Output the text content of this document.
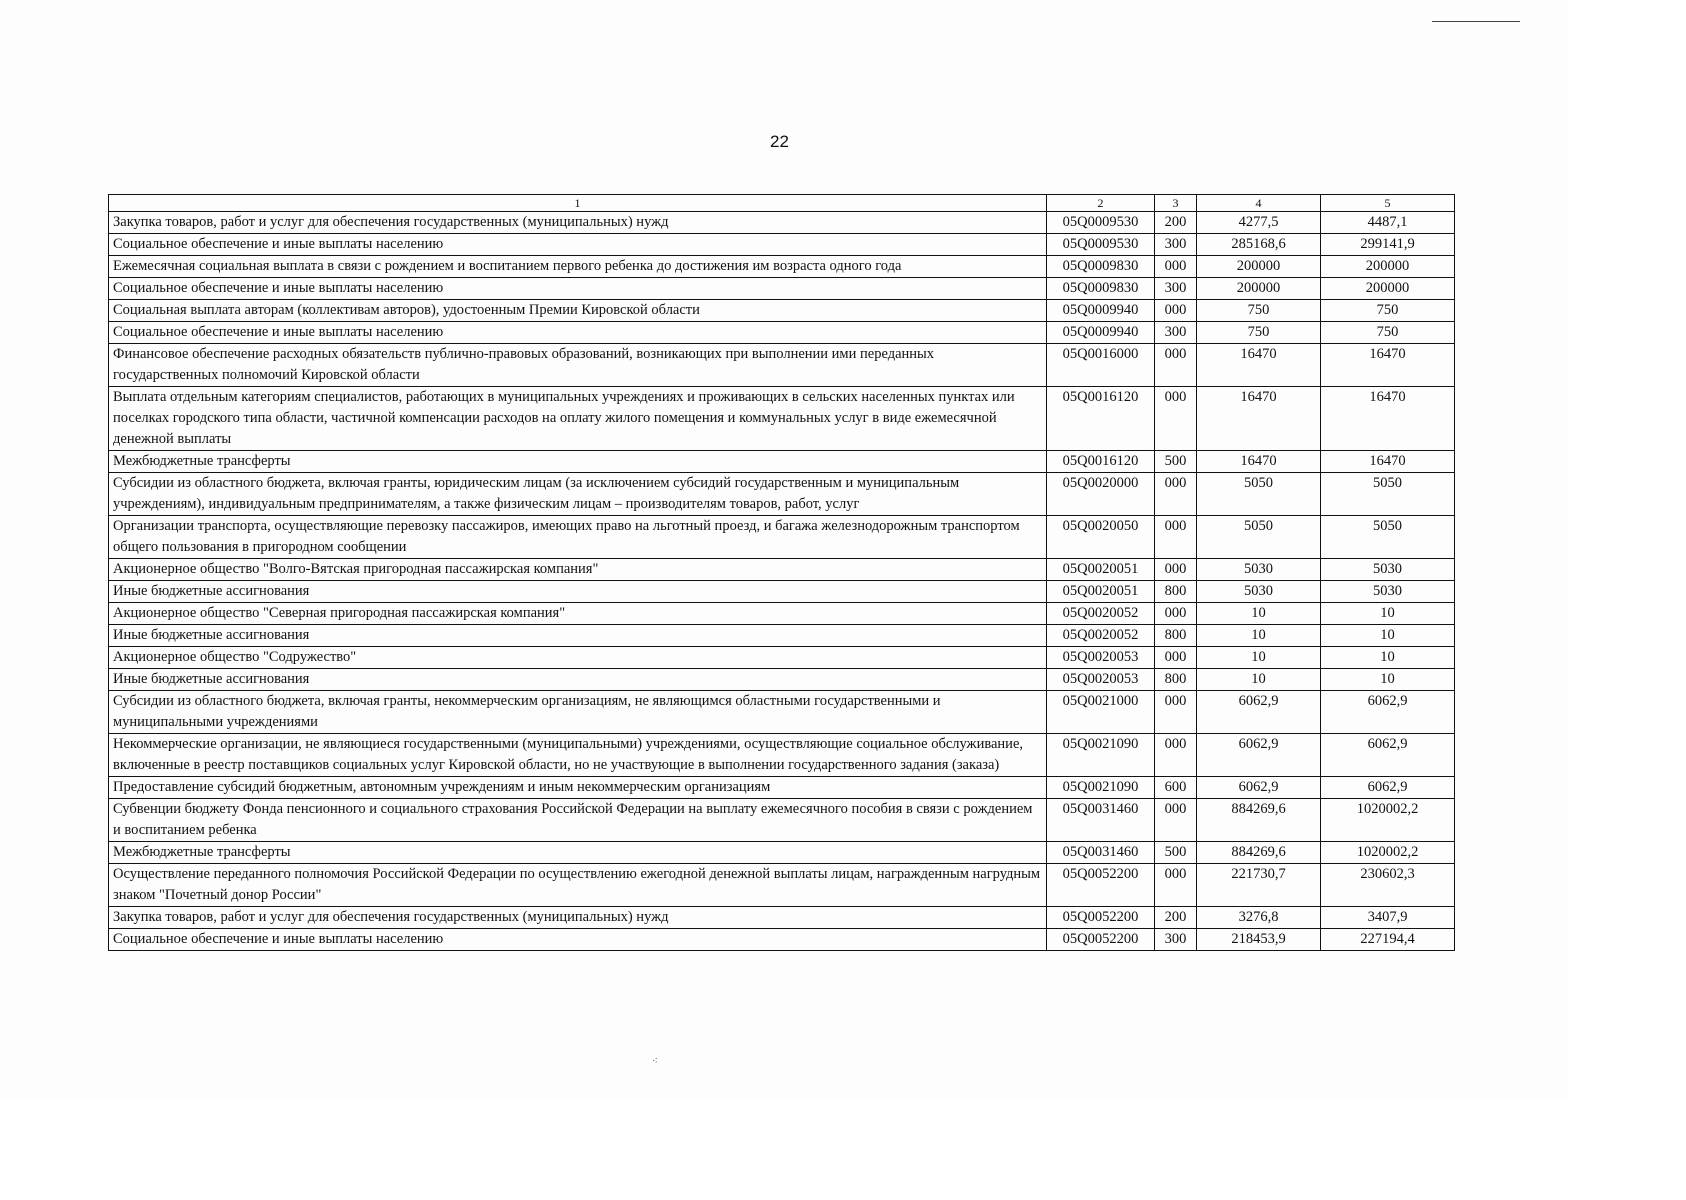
22
1	2	3	4	5
Закупка товаров, работ и услуг для обеспечения государственных (муниципальных) нужд	05Q0009530	200	4277,5	4487,1
Социальное обеспечение и иные выплаты населению	05Q0009530	300	285168,6	299141,9
Ежемесячная социальная выплата в связи с рождением и воспитанием первого ребенка до достижения им возраста одного года	05Q0009830	000	200000	200000
Социальное обеспечение и иные выплаты населению	05Q0009830	300	200000	200000
Социальная выплата авторам (коллективам авторов), удостоенным Премии Кировской области	05Q0009940	000	750	750
Социальное обеспечение и иные выплаты населению	05Q0009940	300	750	750
Финансовое обеспечение расходных обязательств публично-правовых образований, возникающих при выполнении ими переданных государственных полномочий Кировской области	05Q0016000	000	16470	16470
Выплата отдельным категориям специалистов, работающих в муниципальных учреждениях и проживающих в сельских населенных пунктах или поселках городского типа области, частичной компенсации расходов на оплату жилого помещения и коммунальных услуг в виде ежемесячной денежной выплаты	05Q0016120	000	16470	16470
Межбюджетные трансферты	05Q0016120	500	16470	16470
Субсидии из областного бюджета, включая гранты, юридическим лицам (за исключением субсидий государственным и муниципальным учреждениям), индивидуальным предпринимателям, а также физическим лицам – производителям товаров, работ, услуг	05Q0020000	000	5050	5050
Организации транспорта, осуществляющие перевозку пассажиров, имеющих право на льготный проезд, и багажа железнодорожным транспортом общего пользования в пригородном сообщении	05Q0020050	000	5050	5050
Акционерное общество "Волго-Вятская пригородная пассажирская компания"	05Q0020051	000	5030	5030
Иные бюджетные ассигнования	05Q0020051	800	5030	5030
Акционерное общество "Северная пригородная пассажирская компания"	05Q0020052	000	10	10
Иные бюджетные ассигнования	05Q0020052	800	10	10
Акционерное общество "Содружество"	05Q0020053	000	10	10
Иные бюджетные ассигнования	05Q0020053	800	10	10
Субсидии из областного бюджета, включая гранты, некоммерческим организациям, не являющимся областными государственными и муниципальными учреждениями	05Q0021000	000	6062,9	6062,9
Некоммерческие организации, не являющиеся государственными (муниципальными) учреждениями, осуществляющие социальное обслуживание, включенные в реестр поставщиков социальных услуг Кировской области, но не участвующие в выполнении государственного задания (заказа)	05Q0021090	000	6062,9	6062,9
Предоставление субсидий бюджетным, автономным учреждениям и иным некоммерческим организациям	05Q0021090	600	6062,9	6062,9
Субвенции бюджету Фонда пенсионного и социального страхования Российской Федерации на выплату ежемесячного пособия в связи с рождением и воспитанием ребенка	05Q0031460	000	884269,6	1020002,2
Межбюджетные трансферты	05Q0031460	500	884269,6	1020002,2
Осуществление переданного полномочия Российской Федерации по осуществлению ежегодной денежной выплаты лицам, награжденным нагрудным знаком "Почетный донор России"	05Q0052200	000	221730,7	230602,3
Закупка товаров, работ и услуг для обеспечения государственных (муниципальных) нужд	05Q0052200	200	3276,8	3407,9
Социальное обеспечение и иные выплаты населению	05Q0052200	300	218453,9	227194,4
⁖
